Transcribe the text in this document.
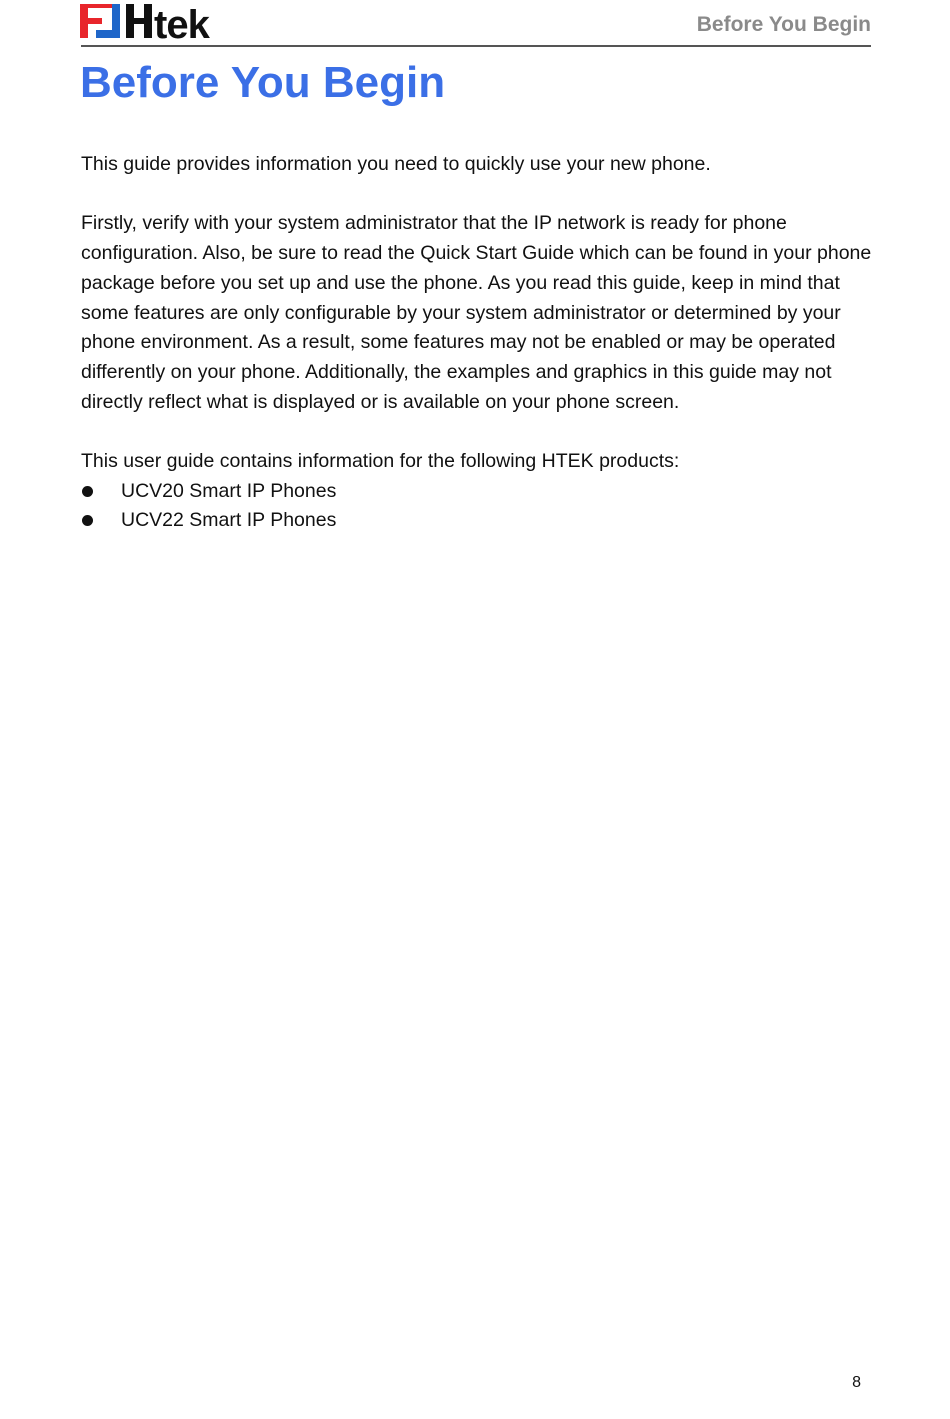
tek	Before You Begin
Before You Begin

This guide provides information you need to quickly use your new phone.

Firstly, verify with your system administrator that the IP network is ready for phone configuration. Also, be sure to read the Quick Start Guide which can be found in your phone package before you set up and use the phone. As you read this guide, keep in mind that some features are only configurable by your system administrator or determined by your phone environment. As a result, some features may not be enabled or may be operated differently on your phone. Additionally, the examples and graphics in this guide may not directly reflect what is displayed or is available on your phone screen.

This user guide contains information for the following HTEK products:

UCV20 Smart IP Phones
UCV22 Smart IP Phones
8
